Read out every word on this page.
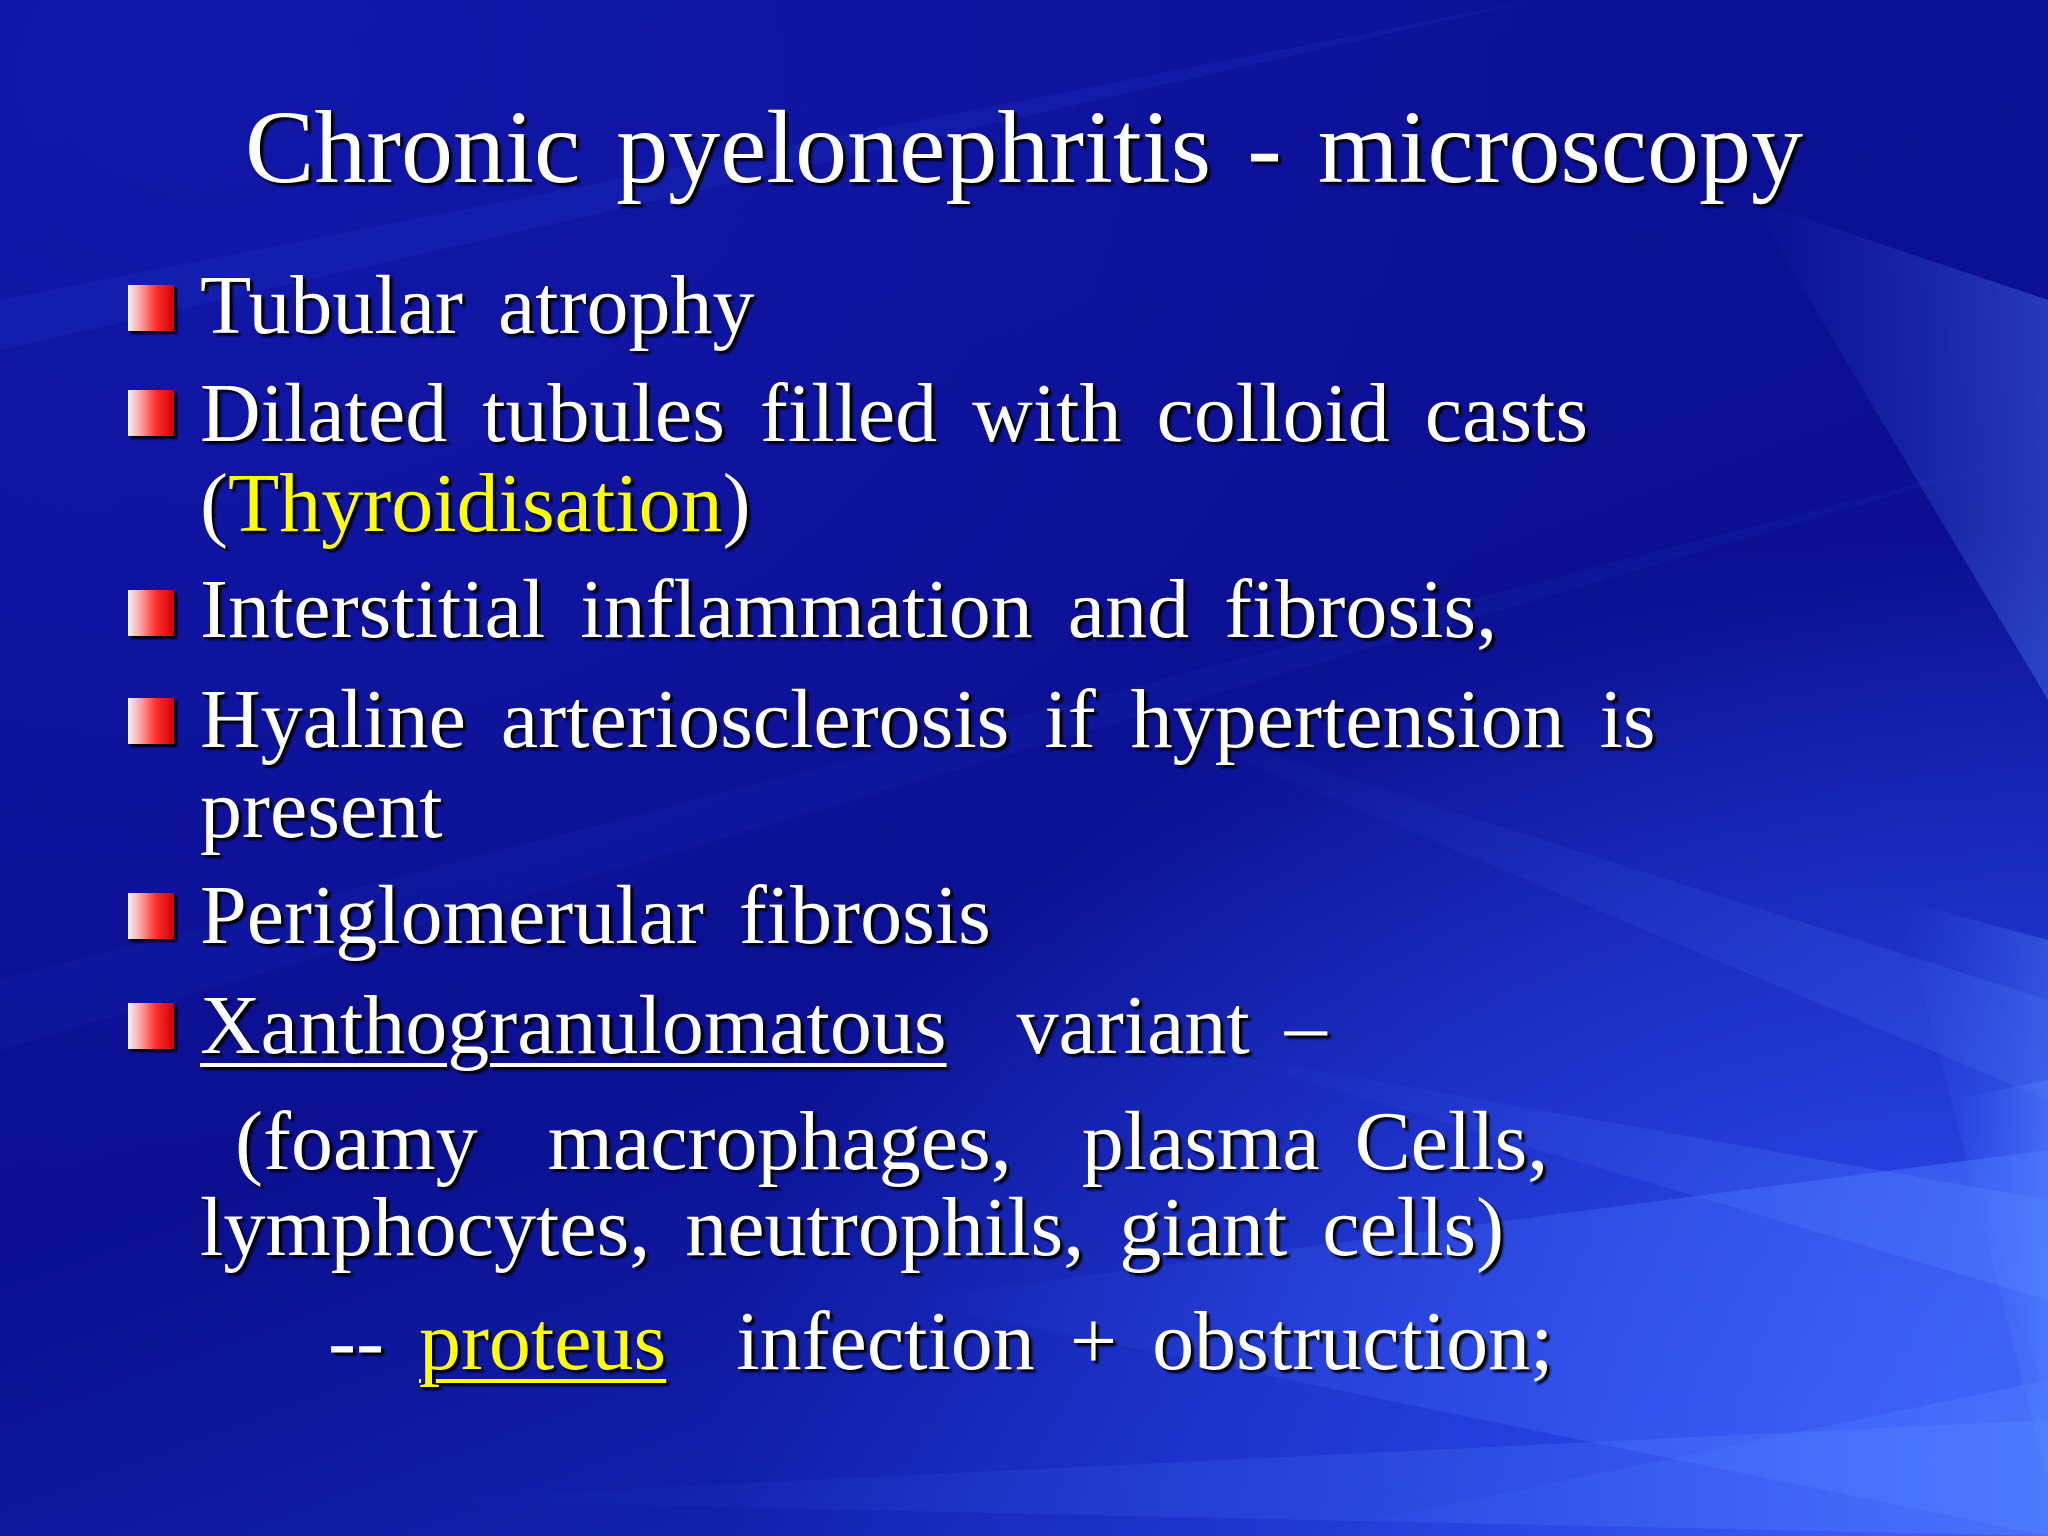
Chronic pyelonephritis - microscopy
Tubular atrophy
Dilated tubules filled with colloid casts
(Thyroidisation)
Interstitial inflammation and fibrosis,
Hyaline arteriosclerosis if hypertension is
present
Periglomerular fibrosis
Xanthogranulomatous  variant –
(foamy  macrophages,  plasma Cells,
lymphocytes, neutrophils, giant cells)
-- proteus  infection + obstruction;
